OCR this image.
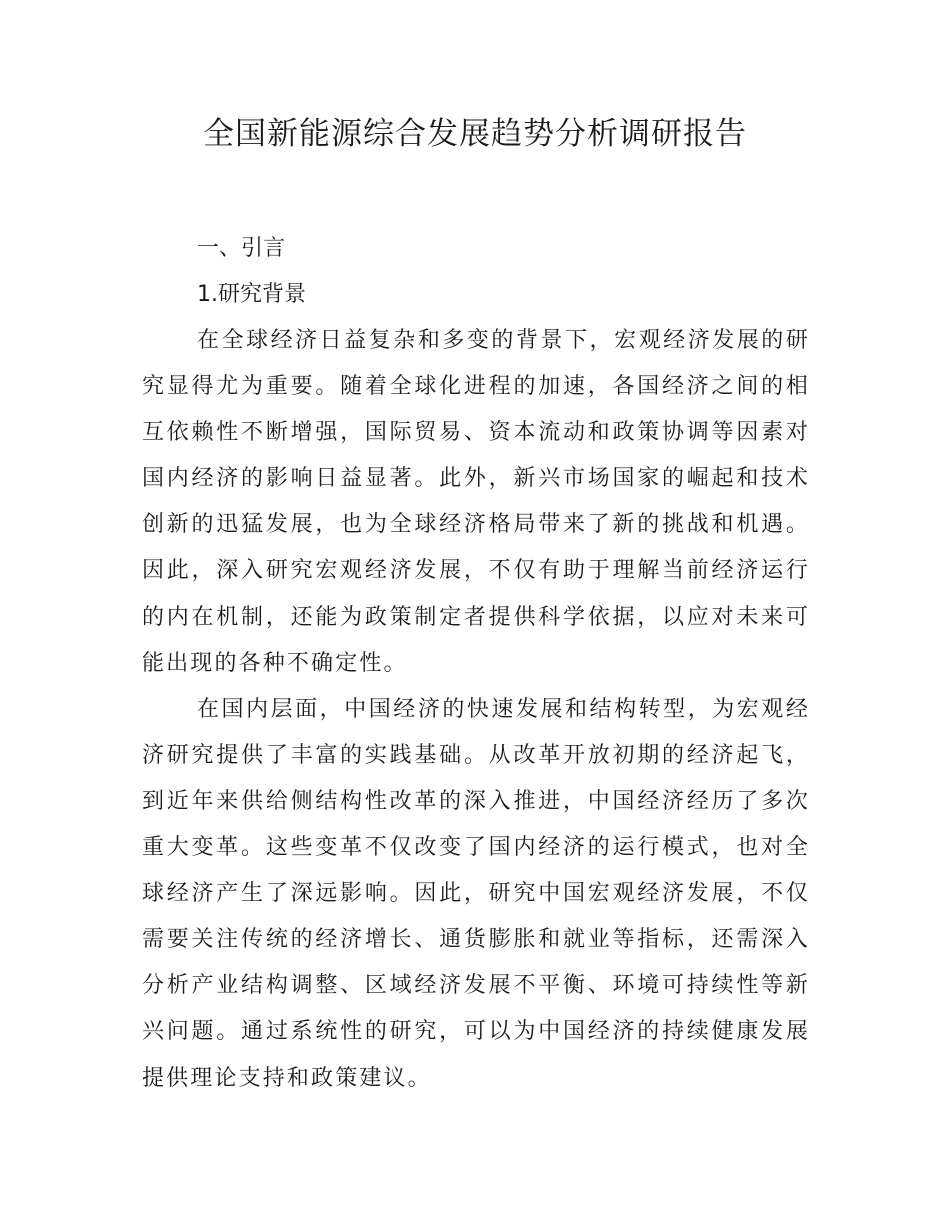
全国新能源综合发展趋势分析调研报告

一、引言

1.研究背景

在全球经济日益复杂和多变的背景下，宏观经济发展的研究显得尤为重要。随着全球化进程的加速，各国经济之间的相互依赖性不断增强，国际贸易、资本流动和政策协调等因素对国内经济的影响日益显著。此外，新兴市场国家的崛起和技术创新的迅猛发展，也为全球经济格局带来了新的挑战和机遇。因此，深入研究宏观经济发展，不仅有助于理解当前经济运行的内在机制，还能为政策制定者提供科学依据，以应对未来可能出现的各种不确定性。

在国内层面，中国经济的快速发展和结构转型，为宏观经济研究提供了丰富的实践基础。从改革开放初期的经济起飞，到近年来供给侧结构性改革的深入推进，中国经济经历了多次重大变革。这些变革不仅改变了国内经济的运行模式，也对全球经济产生了深远影响。因此，研究中国宏观经济发展，不仅需要关注传统的经济增长、通货膨胀和就业等指标，还需深入分析产业结构调整、区域经济发展不平衡、环境可持续性等新兴问题。通过系统性的研究，可以为中国经济的持续健康发展提供理论支持和政策建议。
